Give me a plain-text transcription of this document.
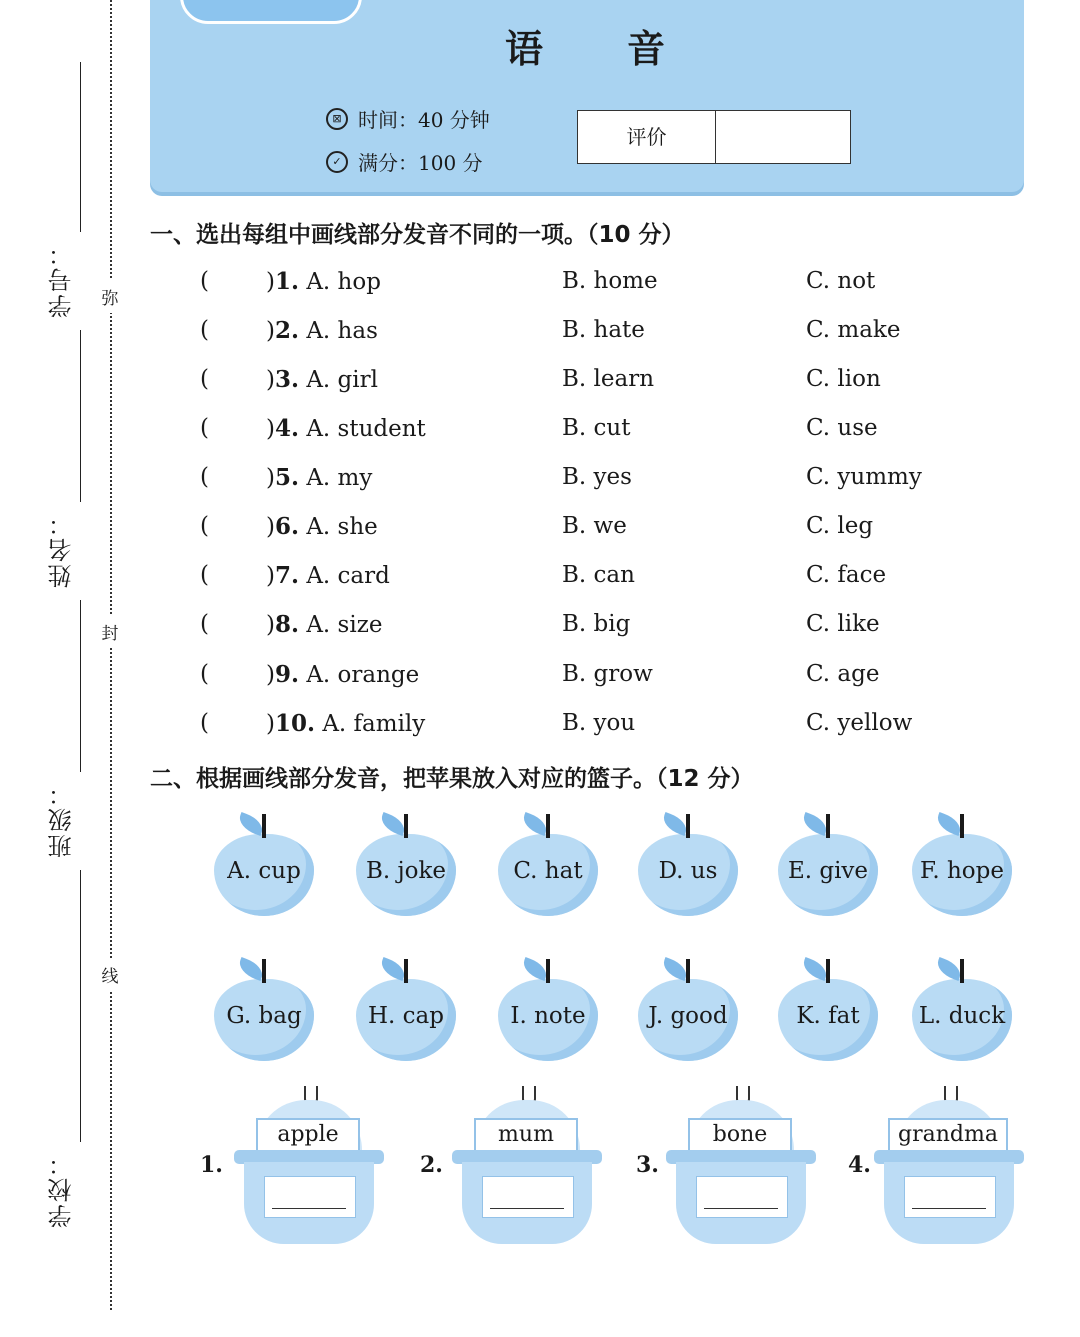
学号：
姓名：
班级：
学校：
弥
封
线
语 音
⊠ 时间：40 分钟
✓ 满分：100 分
评价
一、选出每组中画线部分发音不同的一项。（10 分）
( )1. A. hop	B. home	C. not
( )2. A. has	B. hate	C. make
( )3. A. girl	B. learn	C. lion
( )4. A. student	B. cut	C. use
( )5. A. my	B. yes	C. yummy
( )6. A. she	B. we	C. leg
( )7. A. card	B. can	C. face
( )8. A. size	B. big	C. like
( )9. A. orange	B. grow	C. age
( )10. A. family	B. you	C. yellow
二、根据画线部分发音，把苹果放入对应的篮子。（12 分）
A. cup	B. joke	C. hat	D. us	E. give	F. hope
G. bag	H. cap	I. note	J. good	K. fat	L. duck
1.
apple
2.
mum
3.
bone
4.
grandma
